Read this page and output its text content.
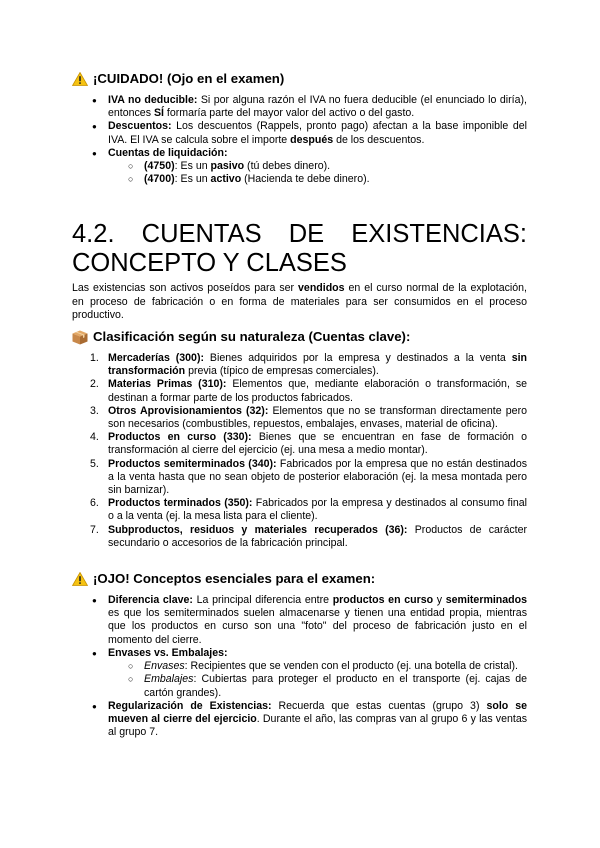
¡CUIDADO! (Ojo en el examen)
● IVA no deducible: Si por alguna razón el IVA no fuera deducible (el enunciado lo diría), entonces SÍ formaría parte del mayor valor del activo o del gasto.
● Descuentos: Los descuentos (Rappels, pronto pago) afectan a la base imponible del IVA. El IVA se calcula sobre el importe después de los descuentos.
● Cuentas de liquidación:
○ (4750): Es un pasivo (tú debes dinero).
○ (4700): Es un activo (Hacienda te debe dinero).
4.2. CUENTAS DE EXISTENCIAS:
CONCEPTO Y CLASES

Las existencias son activos poseídos para ser vendidos en el curso normal de la explotación, en proceso de fabricación o en forma de materiales para ser consumidos en el proceso productivo.

Clasificación según su naturaleza (Cuentas clave):
1. Mercaderías (300): Bienes adquiridos por la empresa y destinados a la venta sin transformación previa (típico de empresas comerciales).
2. Materias Primas (310): Elementos que, mediante elaboración o transformación, se destinan a formar parte de los productos fabricados.
3. Otros Aprovisionamientos (32): Elementos que no se transforman directamente pero son necesarios (combustibles, repuestos, embalajes, envases, material de oficina).
4. Productos en curso (330): Bienes que se encuentran en fase de formación o transformación al cierre del ejercicio (ej. una mesa a medio montar).
5. Productos semiterminados (340): Fabricados por la empresa que no están destinados a la venta hasta que no sean objeto de posterior elaboración (ej. la mesa montada pero sin barnizar).
6. Productos terminados (350): Fabricados por la empresa y destinados al consumo final o a la venta (ej. la mesa lista para el cliente).
7. Subproductos, residuos y materiales recuperados (36): Productos de carácter secundario o accesorios de la fabricación principal.
¡OJO! Conceptos esenciales para el examen:
● Diferencia clave: La principal diferencia entre productos en curso y semiterminados es que los semiterminados suelen almacenarse y tienen una entidad propia, mientras que los productos en curso son una "foto" del proceso de fabricación justo en el momento del cierre.
● Envases vs. Embalajes:
○ Envases: Recipientes que se venden con el producto (ej. una botella de cristal).
○ Embalajes: Cubiertas para proteger el producto en el transporte (ej. cajas de cartón grandes).
● Regularización de Existencias: Recuerda que estas cuentas (grupo 3) solo se mueven al cierre del ejercicio. Durante el año, las compras van al grupo 6 y las ventas al grupo 7.
